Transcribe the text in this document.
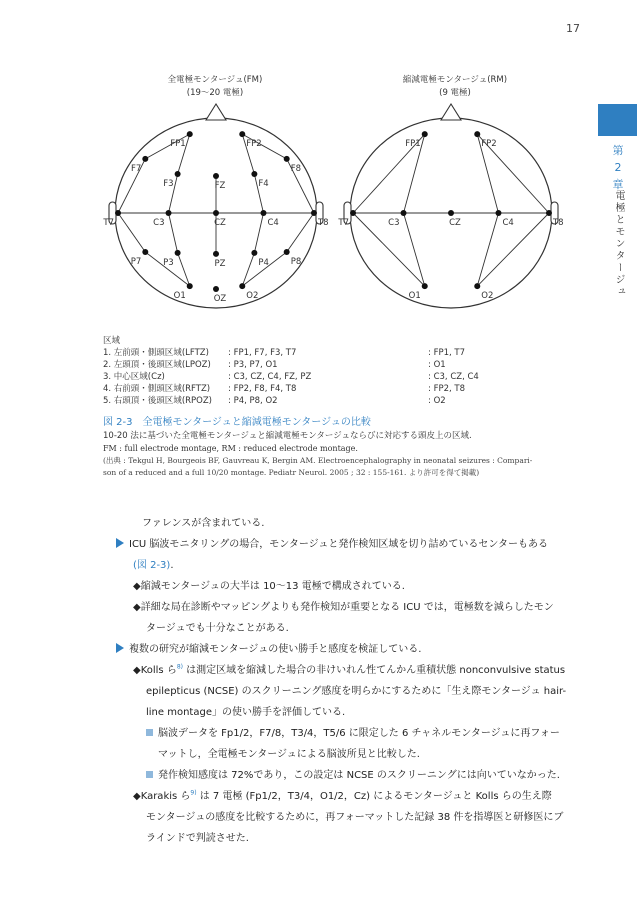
17
第
2
章
電極とモンタージュ
全電極モンタージュ(FM)
(19～20 電極)
縮減電極モンタージュ(RM)
(9 電極)
FP1	FP2
F7
F3	FZ	F4
F8
T7	C3	CZ	C4	T8
P7	P3	PZ	P4	P8
O1	OZ O2
FP1	FP2
T7	C3	CZ	C4	T8
O1	O2
区域
1. 左前頭・側頭区域(LFTZ) : FP1, F7, F3, T7	: FP1, T7
2. 左頭頂・後頭区域(LPOZ) : P3, P7, O1	: O1
3. 中心区域(Cz)	: C3, CZ, C4, FZ, PZ	: C3, CZ, C4
4. 右前頭・側頭区域(RFTZ) : FP2, F8, F4, T8	: FP2, T8
5. 右頭頂・後頭区域(RPOZ) : P4, P8, O2	: O2
図 2-3　全電極モンタージュと縮減電極モンタージュの比較
10-20 法に基づいた全電極モンタージュと縮減電極モンタージュならびに対応する頭皮上の区域.
FM : full electrode montage, RM : reduced electrode montage.
(出典 : Tekgul H, Bourgeois BF, Gauvreau K, Bergin AM. Electroencephalography in neonatal seizures : Compari-
son of a reduced and a full 10/20 montage. Pediatr Neurol. 2005 ; 32 : 155-161. より許可を得て掲載)

ファレンスが含まれている.

ICU 脳波モニタリングの場合，モンタージュと発作検知区域を切り詰めているセンターもある

(図 2-3).

◆縮減モンタージュの大半は 10～13 電極で構成されている.

◆詳細な局在診断やマッピングよりも発作検知が重要となる ICU では，電極数を減らしたモン

タージュでも十分なことがある.

複数の研究が縮減モンタージュの使い勝手と感度を検証している.

◆Kolls ら$^{8)}$ は測定区域を縮減した場合の非けいれん性てんかん重積状態 nonconvulsive status

epilepticus (NCSE) のスクリーニング感度を明らかにするために「生え際モンタージュ hair-

line montage」の使い勝手を評価している.

脳波データを Fp1/2，F7/8，T3/4，T5/6 に限定した 6 チャネルモンタージュに再フォー

マットし，全電極モンタージュによる脳波所見と比較した.

発作検知感度は 72%であり，この設定は NCSE のスクリーニングには向いていなかった.

◆Karakis ら$^{9)}$ は 7 電極 (Fp1/2，T3/4，O1/2，Cz) によるモンタージュと Kolls らの生え際

モンタージュの感度を比較するために，再フォーマットした記録 38 件を指導医と研修医にブ

ラインドで判読させた.
